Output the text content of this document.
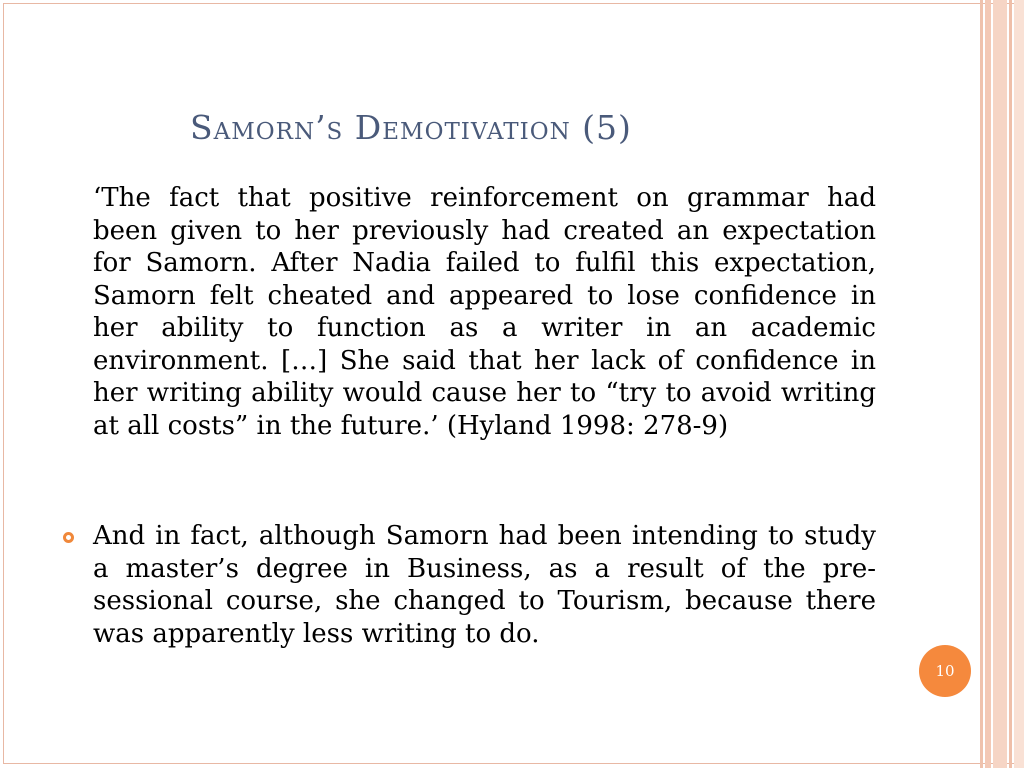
Samorn’s Demotivation (5)
‘The fact that positive reinforcement on grammar had been given to her previously had created an expectation for Samorn. After Nadia failed to fulfil this expectation, Samorn felt cheated and appeared to lose confidence in her ability to function as a writer in an academic environment. […] She said that her lack of confidence in her writing ability would cause her to “try to avoid writing at all costs” in the future.’ (Hyland 1998: 278-9)
And in fact, although Samorn had been intending to study a master’s degree in Business, as a result of the pre-sessional course, she changed to Tourism, because there was apparently less writing to do.
10
